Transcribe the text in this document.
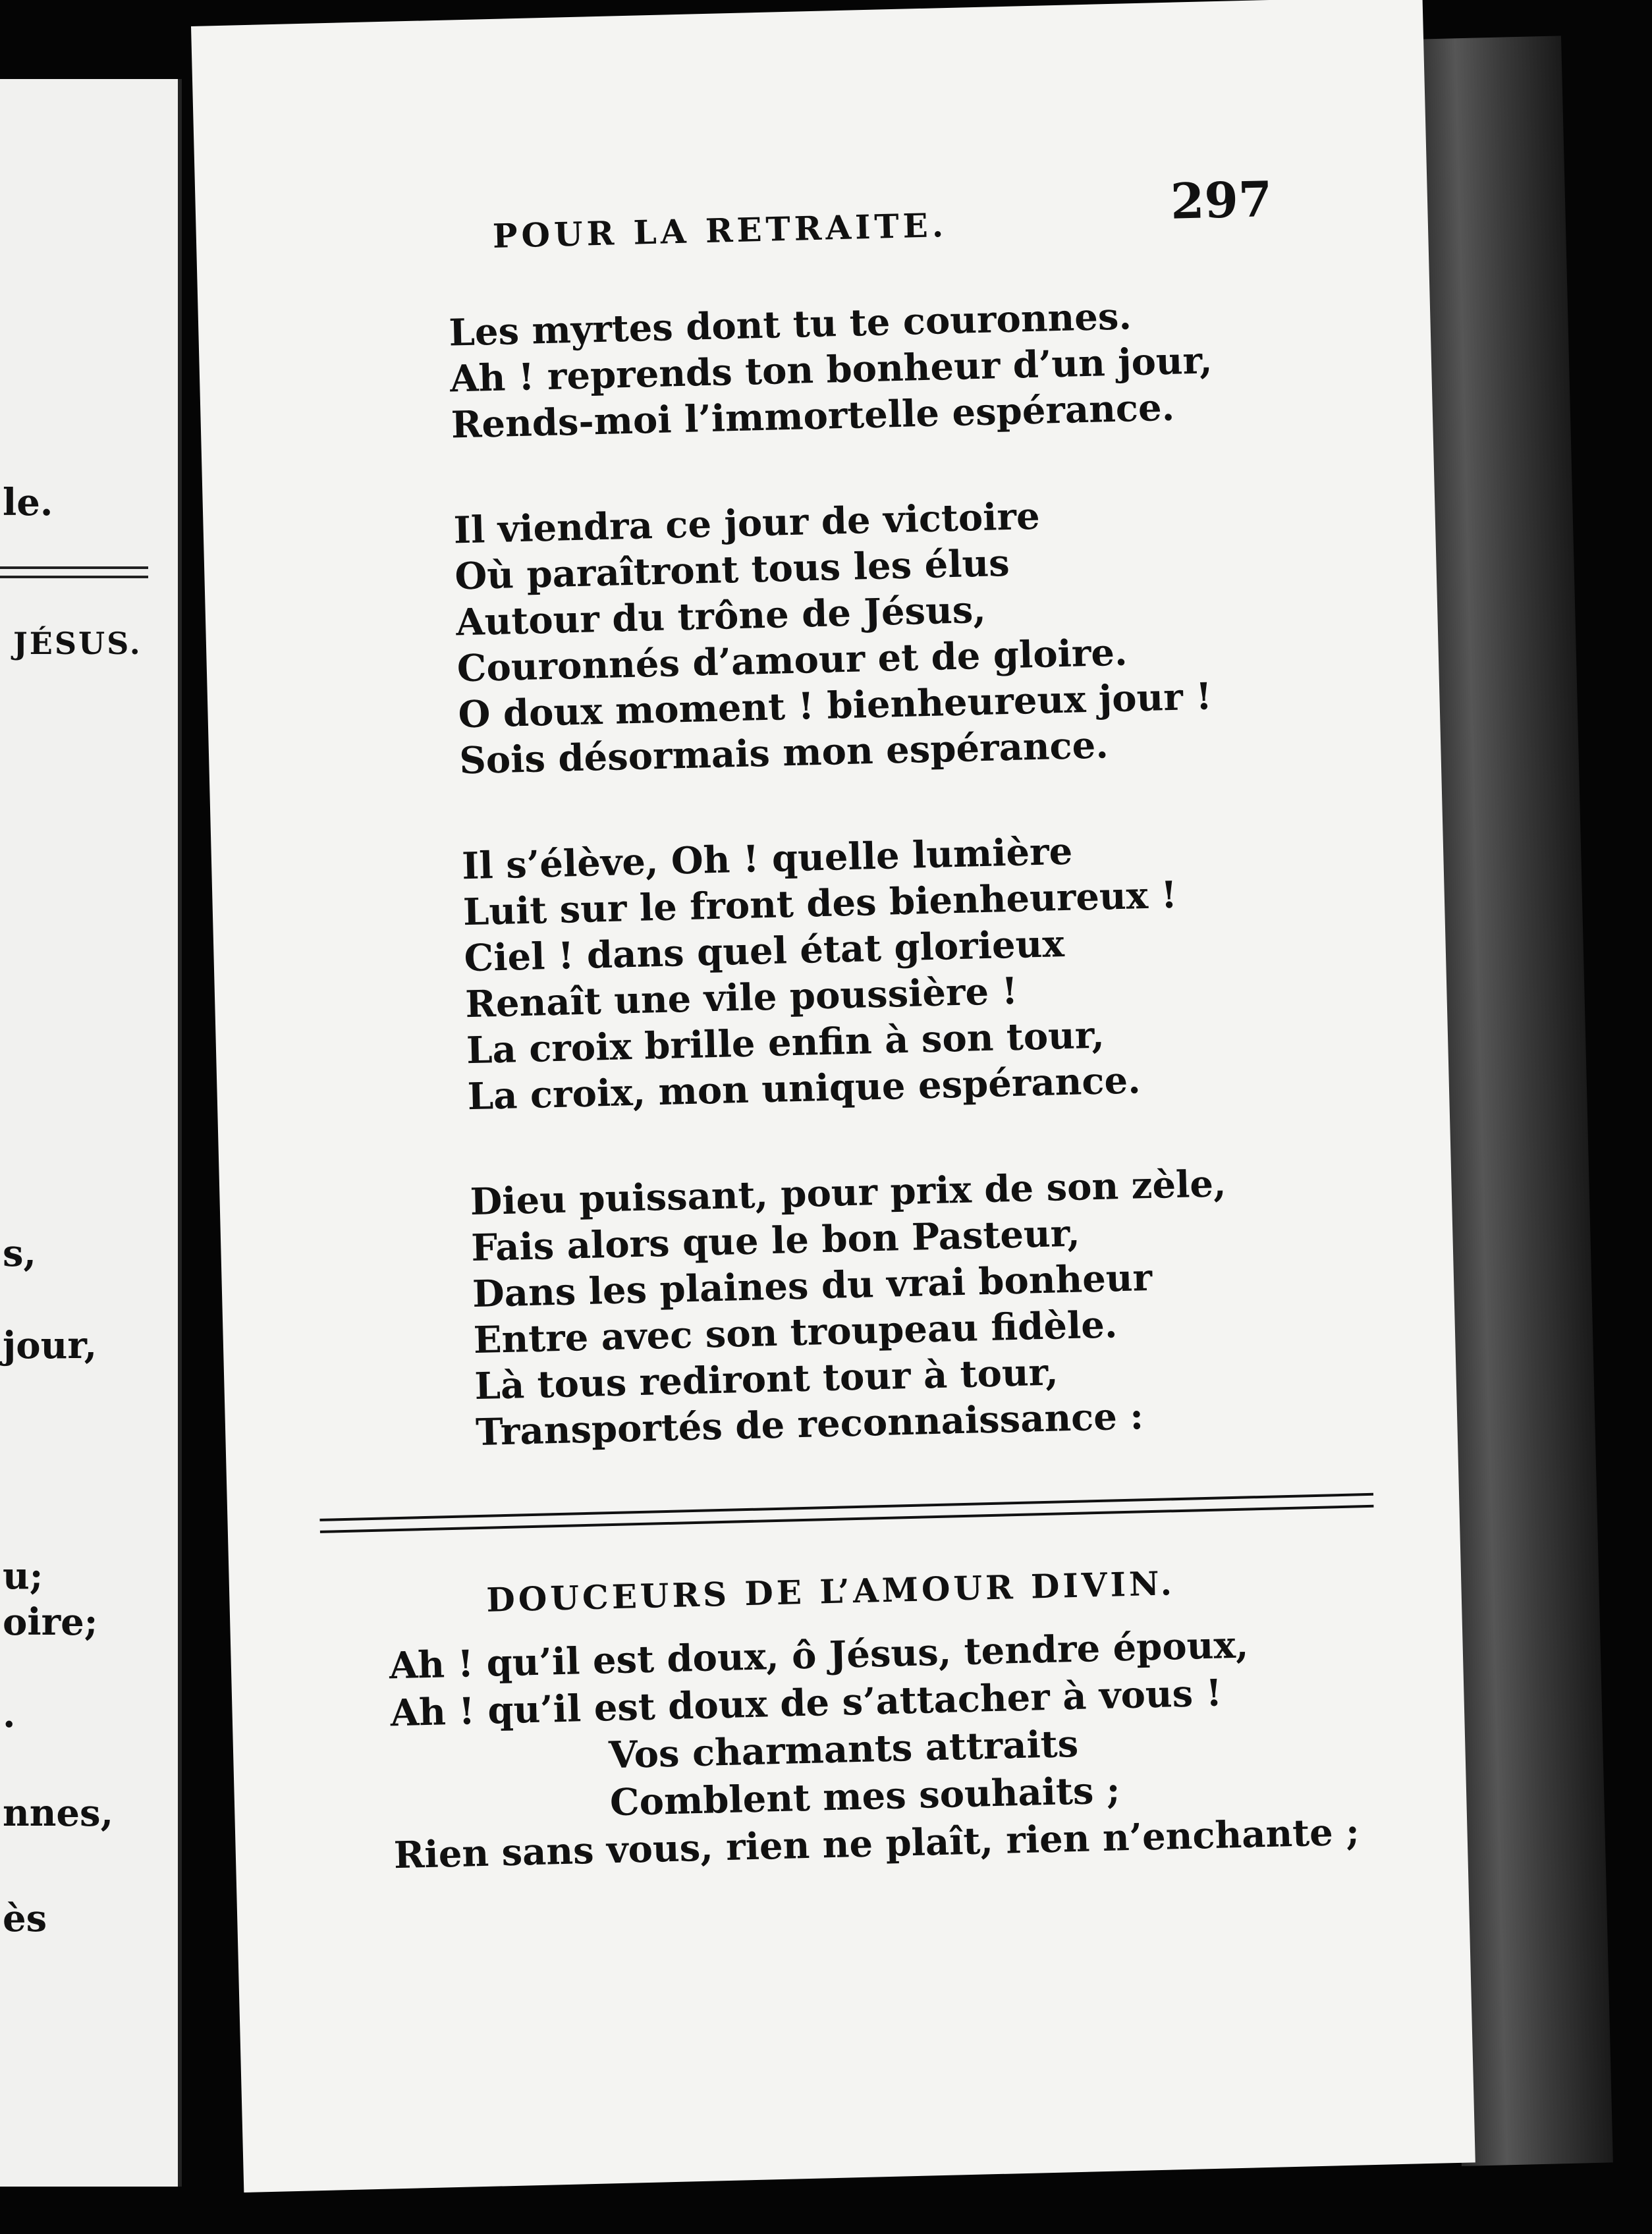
le.
JÉSUS.
s,
jour,
u;
oire;
.
nnes,
ès
POUR LA RETRAITE.
297
Les myrtes dont tu te couronnes.
Ah ! reprends ton bonheur d’un jour,
Rends-moi l’immortelle espérance.
Il viendra ce jour de victoire
Où paraîtront tous les élus
Autour du trône de Jésus,
Couronnés d’amour et de gloire.
O doux moment ! bienheureux jour !
Sois désormais mon espérance.
Il s’élève, Oh ! quelle lumière
Luit sur le front des bienheureux !
Ciel ! dans quel état glorieux
Renaît une vile poussière !
La croix brille enfin à son tour,
La croix, mon unique espérance.
Dieu puissant, pour prix de son zèle,
Fais alors que le bon Pasteur,
Dans les plaines du vrai bonheur
Entre avec son troupeau fidèle.
Là tous rediront tour à tour,
Transportés de reconnaissance :
DOUCEURS DE L’AMOUR DIVIN.
Ah ! qu’il est doux, ô Jésus, tendre époux,
Ah ! qu’il est doux de s’attacher à vous !
Vos charmants attraits
Comblent mes souhaits ;
Rien sans vous, rien ne plaît, rien n’enchante ;
